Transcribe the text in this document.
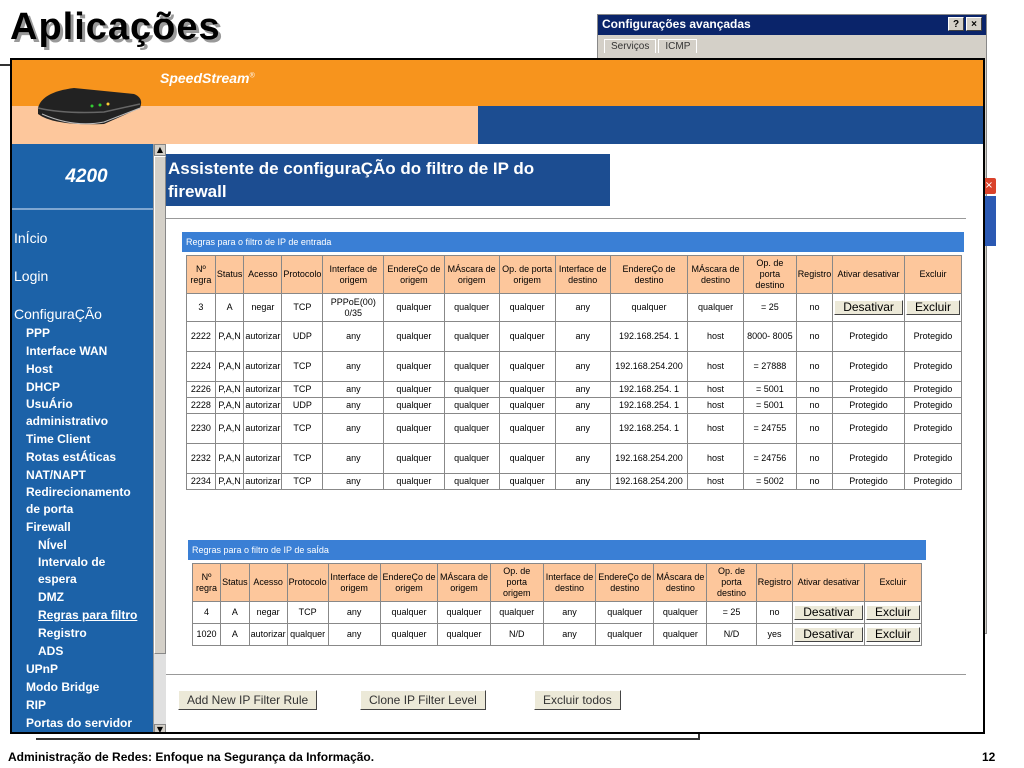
Configurações avançadas	?	×
Serviços	ICMP
×
Aplicações
SpeedStream®
4200
InÍcio
Login
ConfiguraÇÃo
PPP
Interface WAN
Host
DHCP
UsuÁrio
administrativo
Time Client
Rotas estÁticas
NAT/NAPT
Redirecionamento
de porta
Firewall
NÍvel
Intervalo de
espera
DMZ
Regras para filtro
Registro
ADS
UPnP
Modo Bridge
RIP
Portas do servidor
▲
▼
Assistente de configuraÇÃo do filtro de IP do
firewall
Regras para o filtro de IP de entrada
Nº regra	Status	Acesso	Protocolo	Interface de origem	EndereÇo de origem	MÁscara de origem	Op. de porta origem	Interface de destino	EndereÇo de destino	MÁscara de destino	Op. de porta destino	Registro	Ativar desativar	Excluir
3	A	negar	TCP	PPPoE(00) 0/35	qualquer	qualquer	qualquer	any	qualquer	qualquer	= 25	no	Desativar	Excluir
2222	P,A,N	autorizar	UDP	any	qualquer	qualquer	qualquer	any	192.168.254. 1	host	8000- 8005	no	Protegido	Protegido
2224	P,A,N	autorizar	TCP	any	qualquer	qualquer	qualquer	any	192.168.254.200	host	= 27888	no	Protegido	Protegido
2226	P,A,N	autorizar	TCP	any	qualquer	qualquer	qualquer	any	192.168.254. 1	host	= 5001	no	Protegido	Protegido
2228	P,A,N	autorizar	UDP	any	qualquer	qualquer	qualquer	any	192.168.254. 1	host	= 5001	no	Protegido	Protegido
2230	P,A,N	autorizar	TCP	any	qualquer	qualquer	qualquer	any	192.168.254. 1	host	= 24755	no	Protegido	Protegido
2232	P,A,N	autorizar	TCP	any	qualquer	qualquer	qualquer	any	192.168.254.200	host	= 24756	no	Protegido	Protegido
2234	P,A,N	autorizar	TCP	any	qualquer	qualquer	qualquer	any	192.168.254.200	host	= 5002	no	Protegido	Protegido
Regras para o filtro de IP de saÍda
Nº regra	Status	Acesso	Protocolo	Interface de origem	EndereÇo de origem	MÁscara de origem	Op. de porta origem	Interface de destino	EndereÇo de destino	MÁscara de destino	Op. de porta destino	Registro	Ativar desativar	Excluir
4	A	negar	TCP	any	qualquer	qualquer	qualquer	any	qualquer	qualquer	= 25	no	Desativar	Excluir
1020	A	autorizar	qualquer	any	qualquer	qualquer	N/D	any	qualquer	qualquer	N/D	yes	Desativar	Excluir
Add New IP Filter Rule	Clone IP Filter Level	Excluir todos
Administração de Redes: Enfoque na Segurança da Informação.	12
